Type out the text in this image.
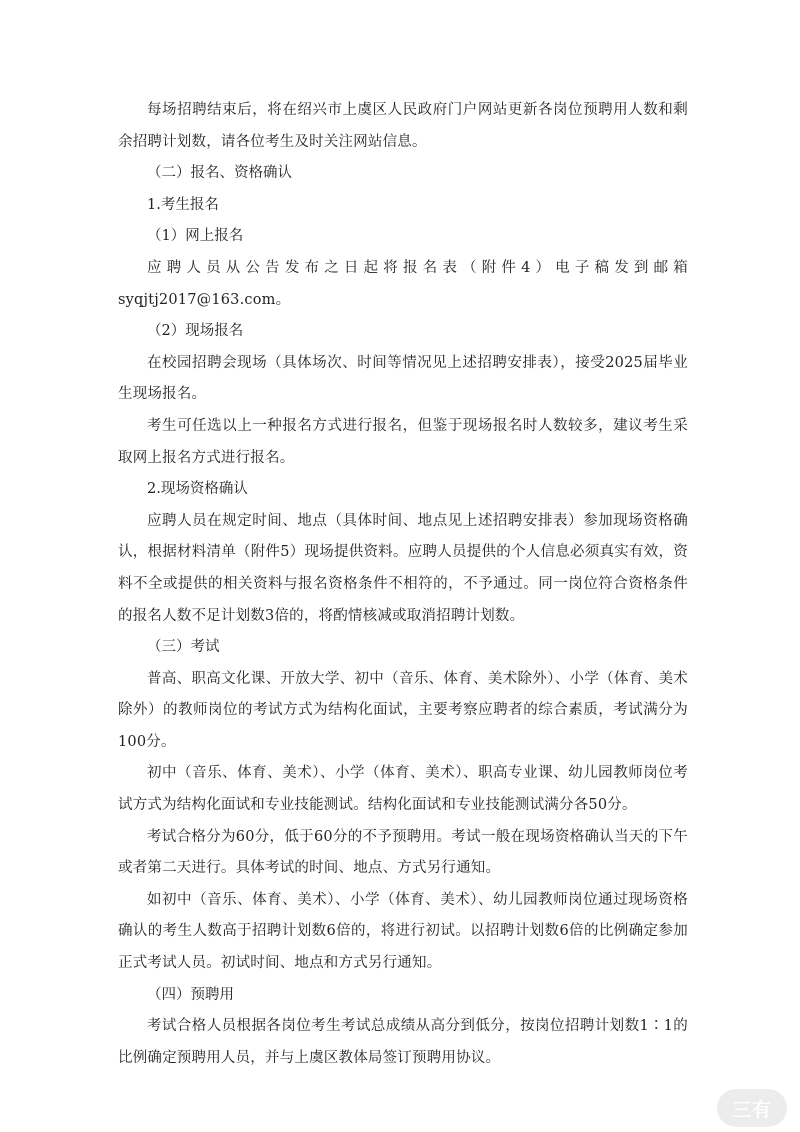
每场招聘结束后，将在绍兴市上虞区人民政府门户网站更新各岗位预聘用人数和剩余招聘计划数，请各位考生及时关注网站信息。

（二）报名、资格确认

1.考生报名

（1）网上报名

应聘人员从公告发布之日起将报名表（附件4）电子稿发到邮箱syqjtj2017@163.com。

（2）现场报名

在校园招聘会现场（具体场次、时间等情况见上述招聘安排表），接受2025届毕业生现场报名。

考生可任选以上一种报名方式进行报名，但鉴于现场报名时人数较多，建议考生采取网上报名方式进行报名。

2.现场资格确认

应聘人员在规定时间、地点（具体时间、地点见上述招聘安排表）参加现场资格确认，根据材料清单（附件5）现场提供资料。应聘人员提供的个人信息必须真实有效，资料不全或提供的相关资料与报名资格条件不相符的，不予通过。同一岗位符合资格条件的报名人数不足计划数3倍的，将酌情核减或取消招聘计划数。

（三）考试

普高、职高文化课、开放大学、初中（音乐、体育、美术除外）、小学（体育、美术除外）的教师岗位的考试方式为结构化面试，主要考察应聘者的综合素质，考试满分为100分。

初中（音乐、体育、美术）、小学（体育、美术）、职高专业课、幼儿园教师岗位考试方式为结构化面试和专业技能测试。结构化面试和专业技能测试满分各50分。

考试合格分为60分，低于60分的不予预聘用。考试一般在现场资格确认当天的下午或者第二天进行。具体考试的时间、地点、方式另行通知。

如初中（音乐、体育、美术）、小学（体育、美术）、幼儿园教师岗位通过现场资格确认的考生人数高于招聘计划数6倍的，将进行初试。以招聘计划数6倍的比例确定参加正式考试人员。初试时间、地点和方式另行通知。

（四）预聘用

考试合格人员根据各岗位考生考试总成绩从高分到低分，按岗位招聘计划数1∶1的比例确定预聘用人员，并与上虞区教体局签订预聘用协议。

三有
